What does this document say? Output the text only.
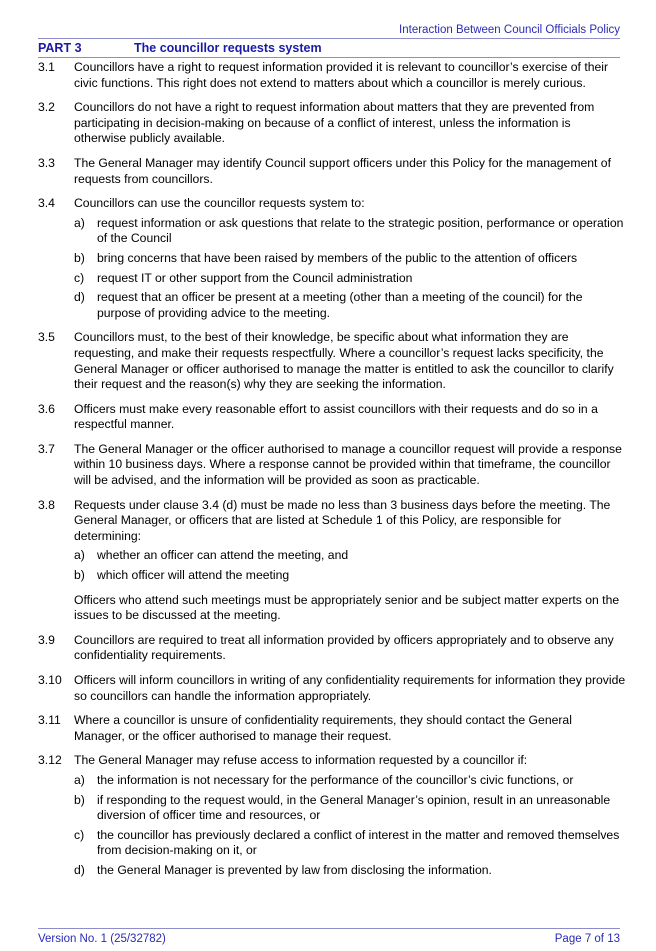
Interaction Between Council Officials Policy
PART 3	The councillor requests system
3.1	Councillors have a right to request information provided it is relevant to councillor’s exercise of their civic functions. This right does not extend to matters about which a councillor is merely curious.
3.2	Councillors do not have a right to request information about matters that they are prevented from participating in decision-making on because of a conflict of interest, unless the information is otherwise publicly available.
3.3	The General Manager may identify Council support officers under this Policy for the management of requests from councillors.
3.4	Councillors can use the councillor requests system to:
a) request information or ask questions that relate to the strategic position, performance or operation of the Council
b) bring concerns that have been raised by members of the public to the attention of officers
c)	request IT or other support from the Council administration
d) request that an officer be present at a meeting (other than a meeting of the council) for the purpose of providing advice to the meeting.
3.5	Councillors must, to the best of their knowledge, be specific about what information they are requesting, and make their requests respectfully. Where a councillor’s request lacks specificity, the General Manager or officer authorised to manage the matter is entitled to ask the councillor to clarify their request and the reason(s) why they are seeking the information.
3.6	Officers must make every reasonable effort to assist councillors with their requests and do so in a respectful manner.
3.7	The General Manager or the officer authorised to manage a councillor request will provide a response within 10 business days. Where a response cannot be provided within that timeframe, the councillor will be advised, and the information will be provided as soon as practicable.
3.8	Requests under clause 3.4 (d) must be made no less than 3 business days before the meeting. The General Manager, or officers that are listed at Schedule 1 of this Policy, are responsible for determining:
a) whether an officer can attend the meeting, and
b) which officer will attend the meeting
Officers who attend such meetings must be appropriately senior and be subject matter experts on the issues to be discussed at the meeting.
3.9	Councillors are required to treat all information provided by officers appropriately and to observe any confidentiality requirements.
3.10	Officers will inform councillors in writing of any confidentiality requirements for information they provide so councillors can handle the information appropriately.
3.11	Where a councillor is unsure of confidentiality requirements, they should contact the General Manager, or the officer authorised to manage their request.
3.12	The General Manager may refuse access to information requested by a councillor if:
a) the information is not necessary for the performance of the councillor’s civic functions, or
b) if responding to the request would, in the General Manager’s opinion, result in an unreasonable diversion of officer time and resources, or
c)	the councillor has previously declared a conflict of interest in the matter and removed themselves from decision-making on it, or
d) the General Manager is prevented by law from disclosing the information.
Version No. 1 (25/32782)	Page 7 of 13
